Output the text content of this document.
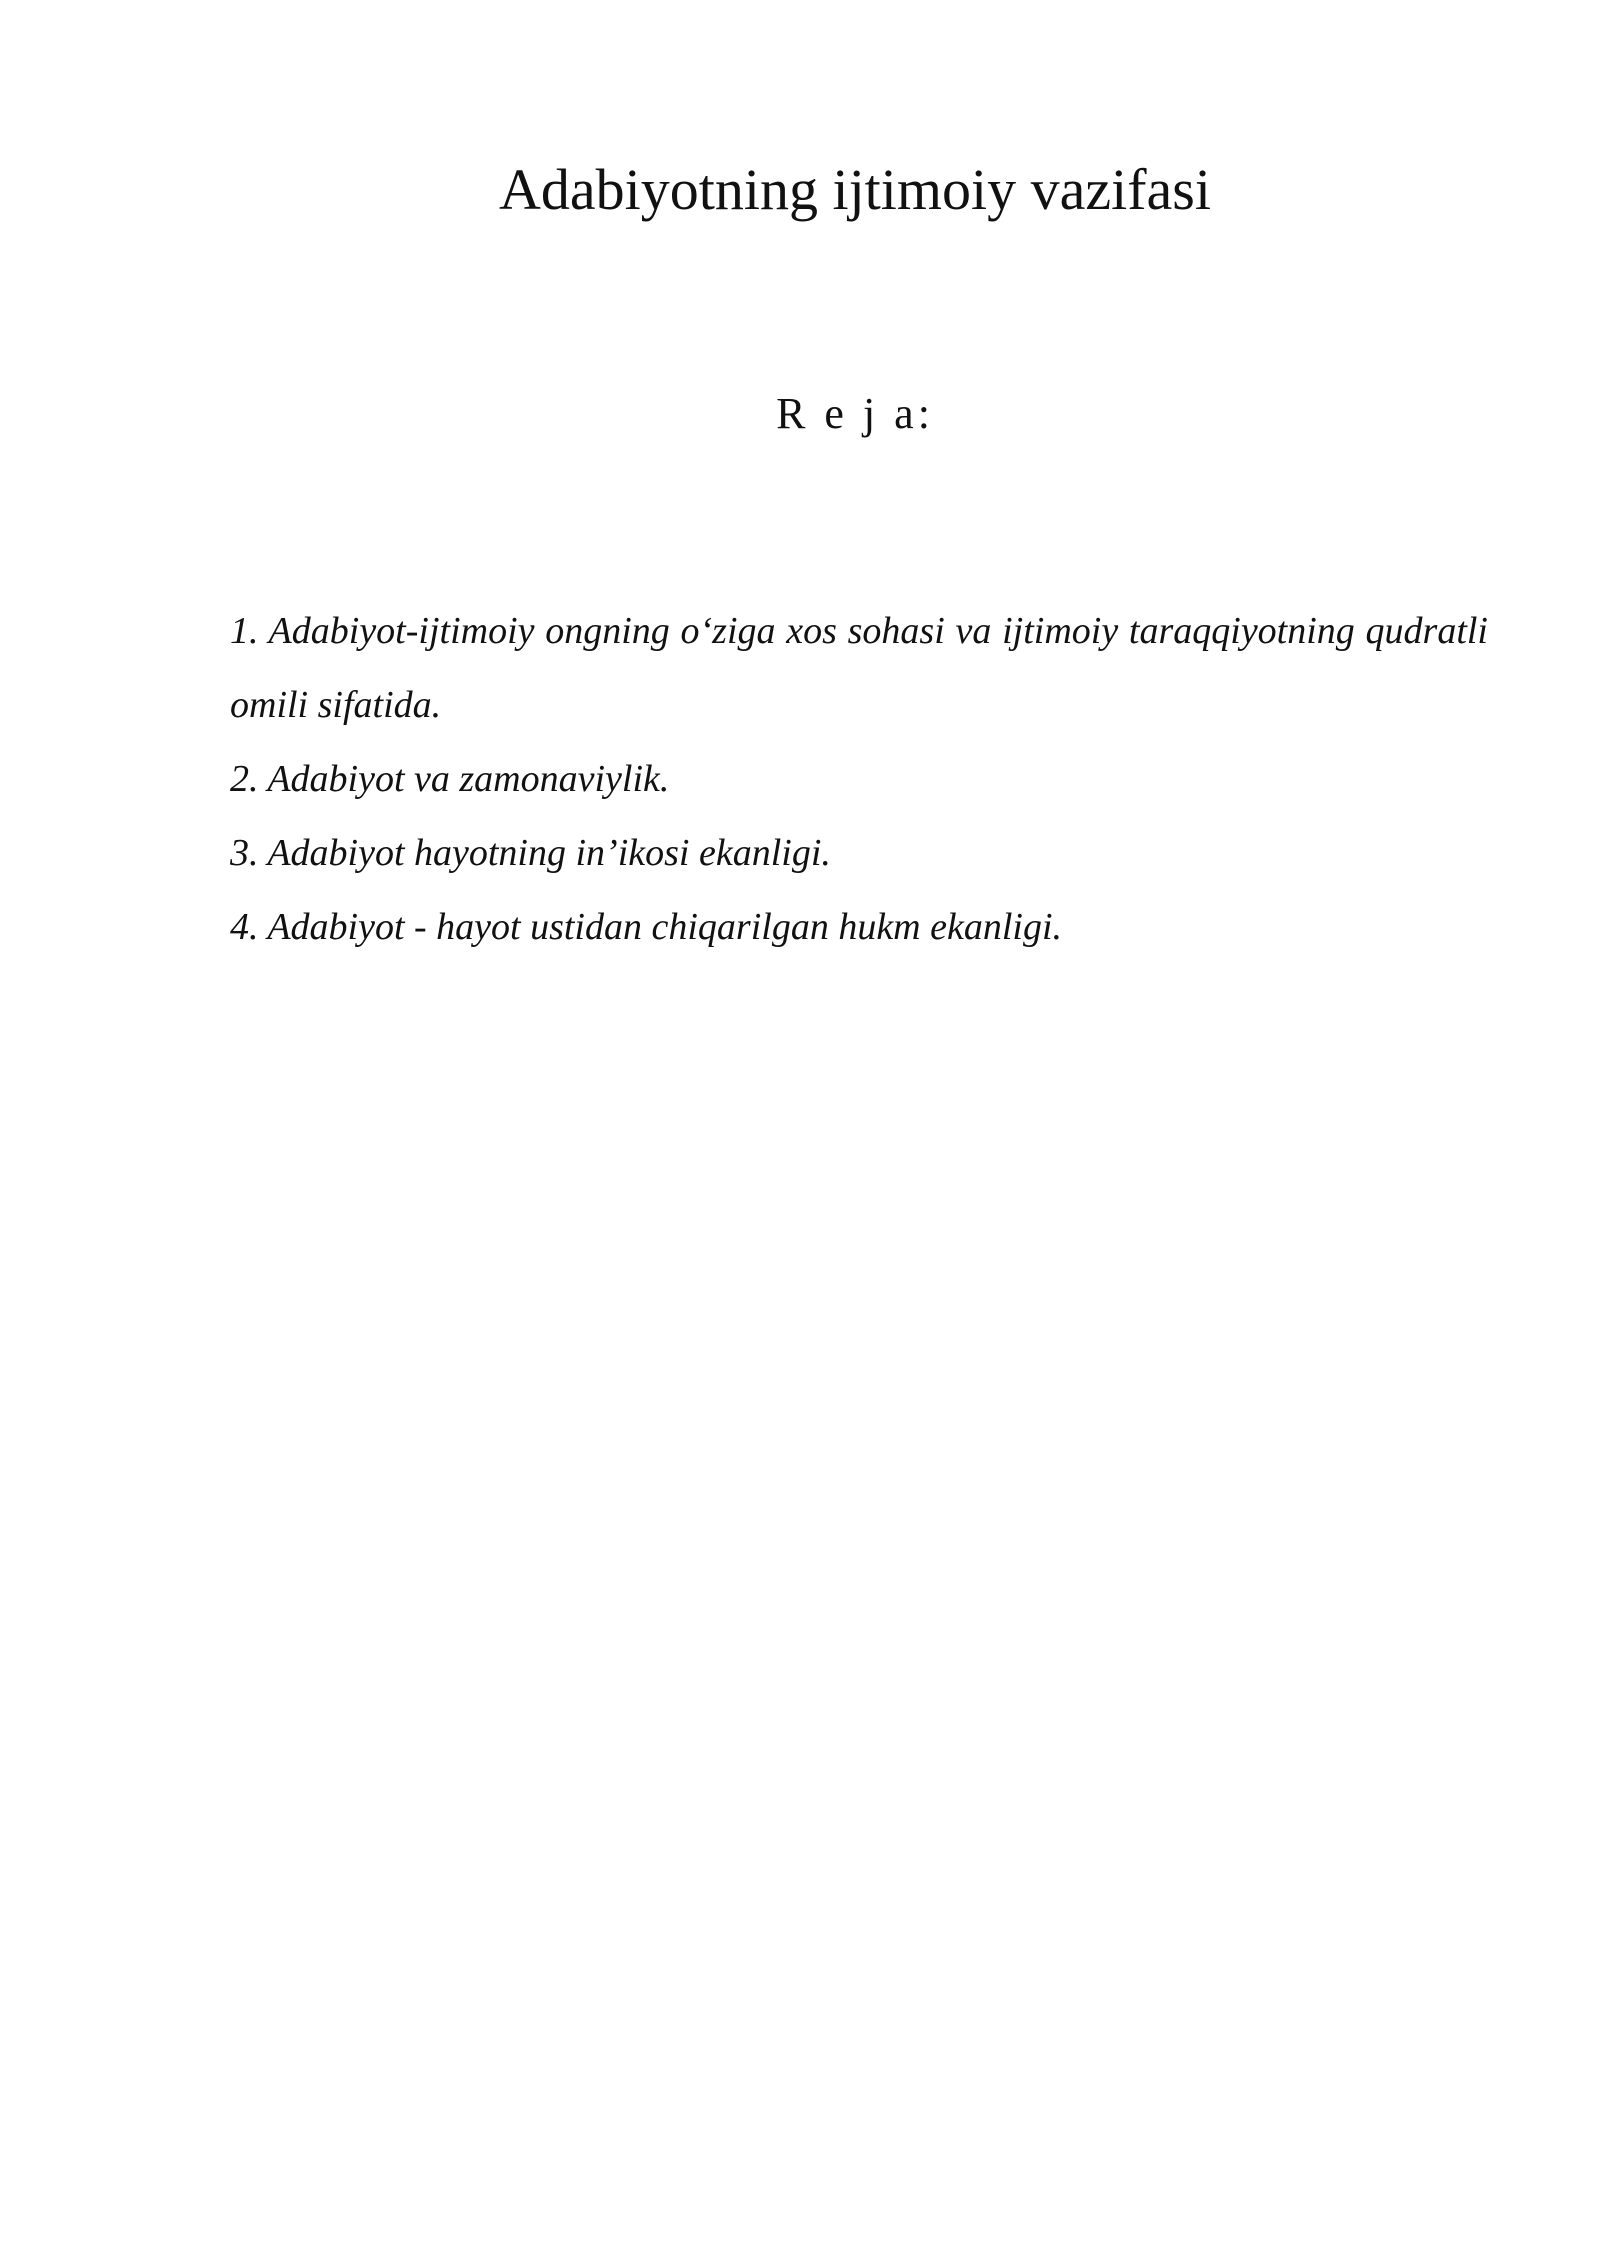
Adabiyotning ijtimoiy vazifasi
R e j a:
1. Adabiyot-ijtimoiy ongning o‘ziga xos sohasi va ijtimoiy taraqqiyotning qudratli omili sifatida.
2. Adabiyot va zamonaviylik.
3. Adabiyot hayotning in’ikosi ekanligi.
4. Adabiyot - hayot ustidan chiqarilgan hukm ekanligi.
